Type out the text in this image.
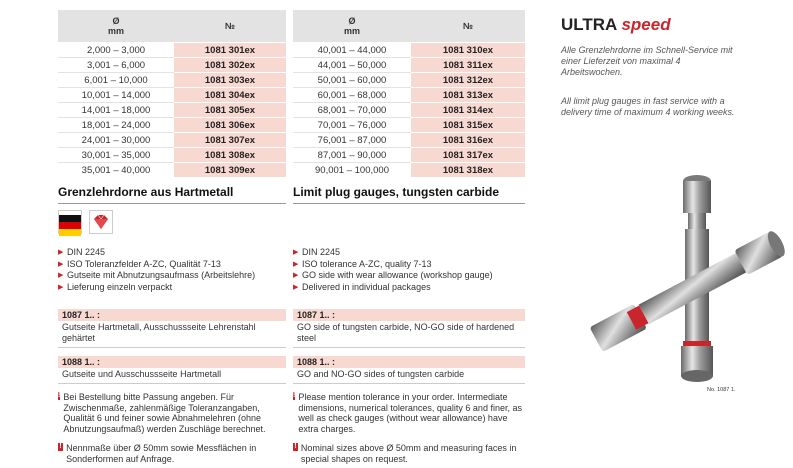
Ø
mm	№
2,000 – 3,000	1081 301ex
3,001 – 6,000	1081 302ex
6,001 – 10,000	1081 303ex
10,001 – 14,000	1081 304ex
14,001 – 18,000	1081 305ex
18,001 – 24,000	1081 306ex
24,001 – 30,000	1081 307ex
30,001 – 35,000	1081 308ex
35,001 – 40,000	1081 309ex
Ø
mm	№
40,001 – 44,000	1081 310ex
44,001 – 50,000	1081 311ex
50,001 – 60,000	1081 312ex
60,001 – 68,000	1081 313ex
68,001 – 70,000	1081 314ex
70,001 – 76,000	1081 315ex
76,001 – 87,000	1081 316ex
87,001 – 90,000	1081 317ex
90,001 – 100,000	1081 318ex
ULTRA speed
Alle Grenzlehrdorne im Schnell-Service mit einer Lieferzeit von maximal 4 Arbeitswochen.
All limit plug gauges in fast service with a delivery time of maximum 4 working weeks.
Grenzlehrdorne aus Hartmetall
▶ DIN 2245
▶ ISO Toleranzfelder A-ZC, Qualität 7-13
▶ Gutseite mit Abnutzungsaufmass (Arbeitslehre)
▶ Lieferung einzeln verpackt
1087 1.. :
Gutseite Hartmetall, Ausschussseite Lehrenstahl gehärtet
1088 1.. :
Gutseite und Ausschussseite Hartmetall
! Bei Bestellung bitte Passung angeben. Für Zwischenmaße, zahlenmäßige Toleranzangaben, Qualität 6 und feiner sowie Abnahmelehren (ohne Abnutzungsaufmaß) werden Zuschläge berechnet.
! Nennmaße über Ø 50mm sowie Messflächen in Sonderformen auf Anfrage.
Limit plug gauges, tungsten carbide
▶ DIN 2245
▶ ISO tolerance A-ZC, quality 7-13
▶ GO side with wear allowance (workshop gauge)
▶ Delivered in individual packages
1087 1.. :
GO side of tungsten carbide, NO-GO side of hardened steel
1088 1.. :
GO and NO-GO sides of tungsten carbide
! Please mention tolerance in your order. Intermediate dimensions, numerical tolerances, quality 6 and finer, as well as check gauges (without wear allowance) have extra charges.
! Nominal sizes above Ø 50mm and measuring faces in special shapes on request.
No. 1087 1.
